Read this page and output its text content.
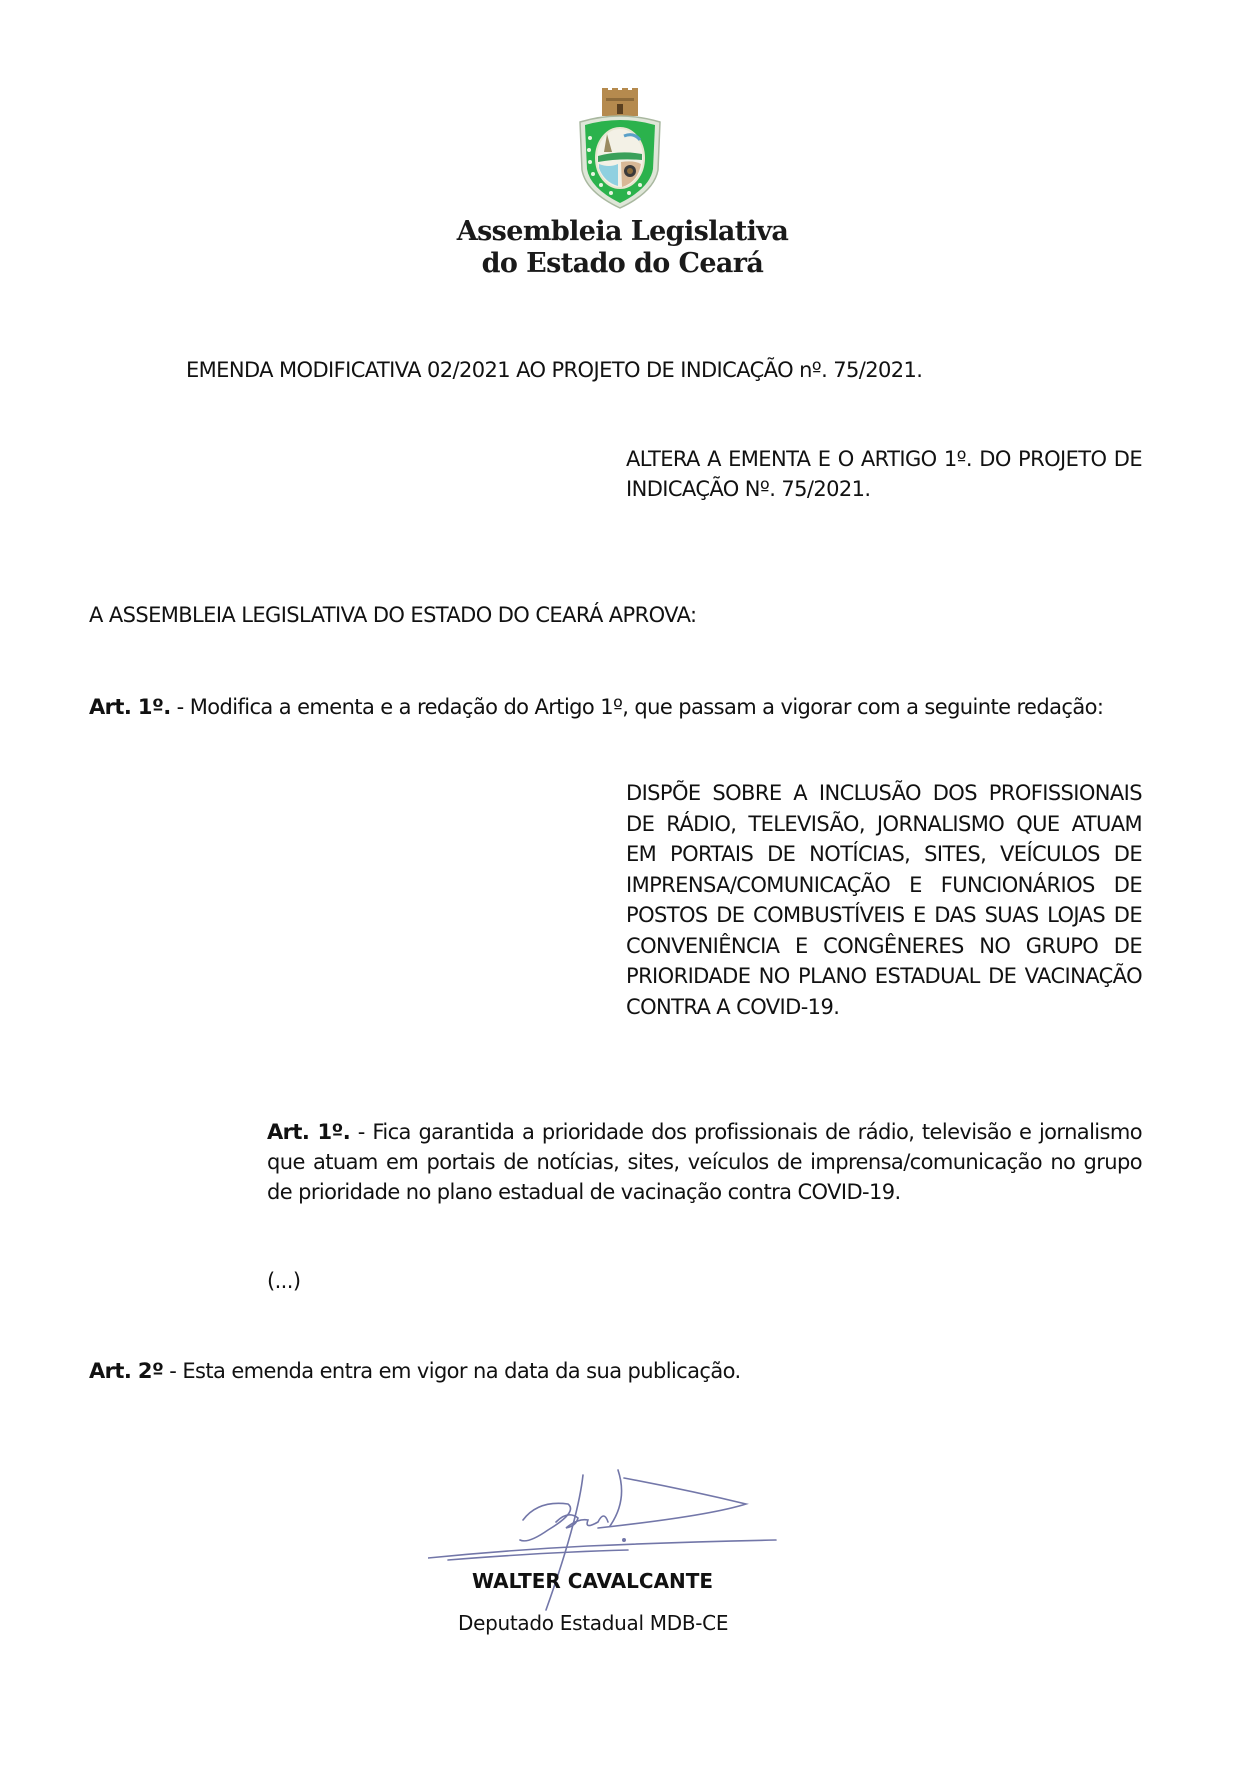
Assembleia Legislativa
do Estado do Ceará
EMENDA MODIFICATIVA 02/2021 AO PROJETO DE INDICAÇÃO nº. 75/2021.
ALTERA A EMENTA E O ARTIGO 1º. DO PROJETO DE INDICAÇÃO Nº. 75/2021.
A ASSEMBLEIA LEGISLATIVA DO ESTADO DO CEARÁ APROVA:
Art. 1º. - Modifica a ementa e a redação do Artigo 1º, que passam a vigorar com a seguinte redação:
DISPÕE SOBRE A INCLUSÃO DOS PROFISSIONAIS DE RÁDIO, TELEVISÃO, JORNALISMO QUE ATUAM EM PORTAIS DE NOTÍCIAS, SITES, VEÍCULOS DE IMPRENSA/COMUNICAÇÃO E FUNCIONÁRIOS DE POSTOS DE COMBUSTÍVEIS E DAS SUAS LOJAS DE CONVENIÊNCIA E CONGÊNERES NO GRUPO DE PRIORIDADE NO PLANO ESTADUAL DE VACINAÇÃO CONTRA A COVID-19.
Art. 1º. - Fica garantida a prioridade dos profissionais de rádio, televisão e jornalismo que atuam em portais de notícias, sites, veículos de imprensa/comunicação no grupo de prioridade no plano estadual de vacinação contra COVID-19.
(...)
Art. 2º - Esta emenda entra em vigor na data da sua publicação.
WALTER CAVALCANTE
Deputado Estadual MDB-CE
